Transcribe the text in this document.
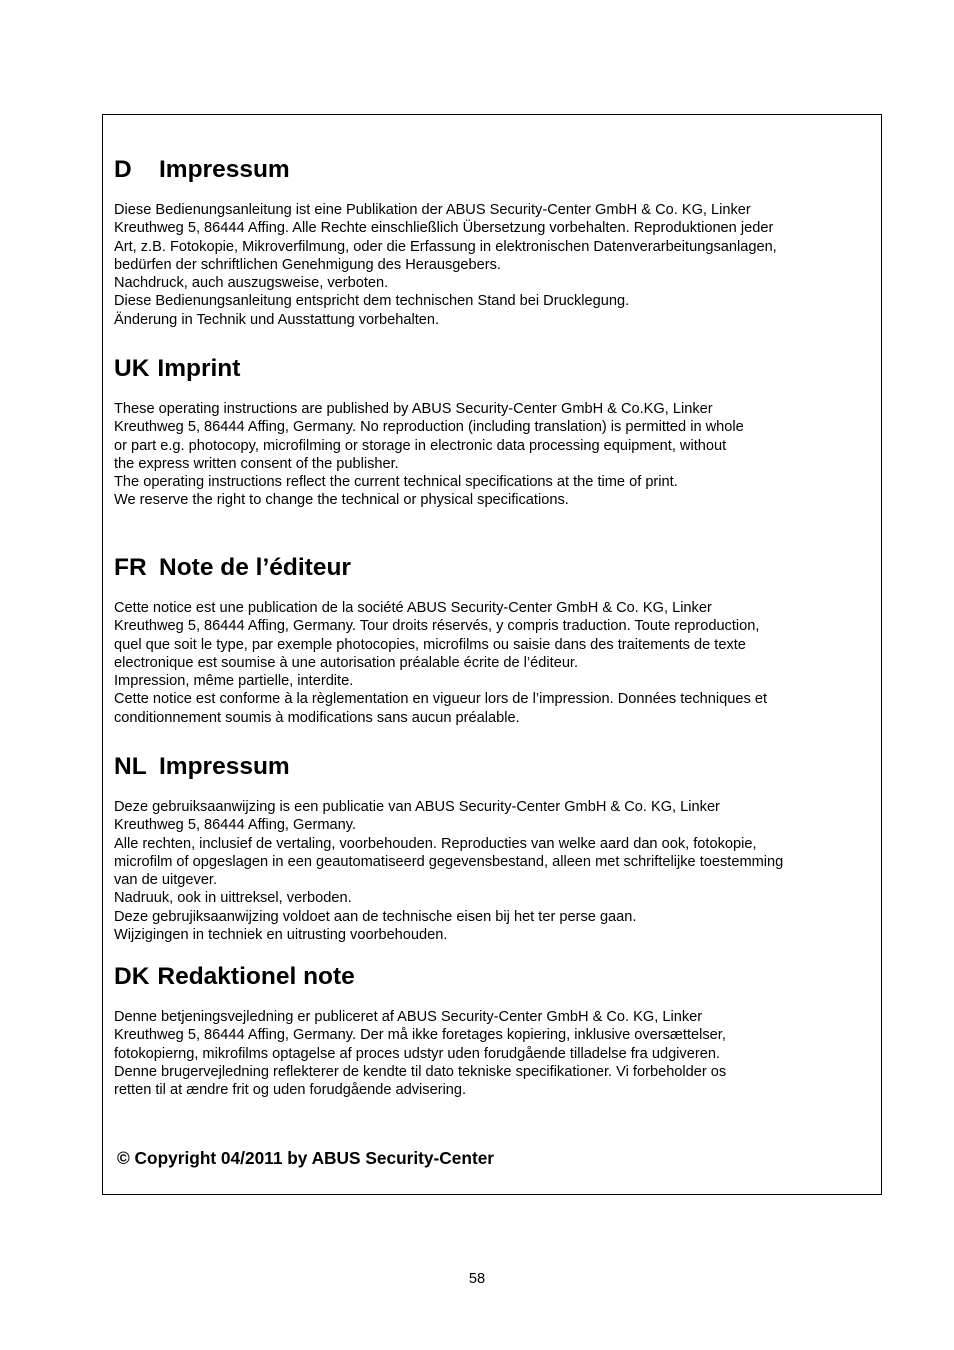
D	Impressum
Diese Bedienungsanleitung ist eine Publikation der ABUS Security-Center GmbH & Co. KG, Linker
Kreuthweg 5, 86444 Affing. Alle Rechte einschließlich Übersetzung vorbehalten. Reproduktionen jeder
Art, z.B. Fotokopie, Mikroverfilmung, oder die Erfassung in elektronischen Datenverarbeitungsanlagen,
bedürfen der schriftlichen Genehmigung des Herausgebers.
Nachdruck, auch auszugsweise, verboten.
Diese Bedienungsanleitung entspricht dem technischen Stand bei Drucklegung.
Änderung in Technik und Ausstattung vorbehalten.
UK Imprint
These operating instructions are published by ABUS Security-Center GmbH & Co.KG, Linker
Kreuthweg 5, 86444 Affing, Germany. No reproduction (including translation) is permitted in whole
or part e.g. photocopy, microfilming or storage in electronic data processing equipment, without
the express written consent of the publisher.
The operating instructions reflect the current technical specifications at the time of print.
We reserve the right to change the technical or physical specifications.
FR Note de l’éditeur
Cette notice est une publication de la société ABUS Security-Center GmbH & Co. KG, Linker
Kreuthweg 5, 86444 Affing, Germany. Tour droits réservés, y compris traduction. Toute reproduction,
quel que soit le type, par exemple photocopies, microfilms ou saisie dans des traitements de texte
electronique est soumise à une autorisation préalable écrite de l’éditeur.
Impression, même partielle, interdite.
Cette notice est conforme à la règlementation en vigueur lors de l’impression. Données techniques et
conditionnement soumis à modifications sans aucun préalable.
NL Impressum
Deze gebruiksaanwijzing is een publicatie van ABUS Security-Center GmbH & Co. KG, Linker
Kreuthweg 5, 86444 Affing, Germany.
Alle rechten, inclusief de vertaling, voorbehouden. Reproducties van welke aard dan ook, fotokopie,
microfilm of opgeslagen in een geautomatiseerd gegevensbestand, alleen met schriftelijke toestemming
van de uitgever.
Nadruuk, ook in uittreksel, verboden.
Deze gebrujiksaanwijzing voldoet aan de technische eisen bij het ter perse gaan.
Wijzigingen in techniek en uitrusting voorbehouden.
DK Redaktionel note
Denne betjeningsvejledning er publiceret af ABUS Security-Center GmbH & Co. KG, Linker
Kreuthweg 5, 86444 Affing, Germany. Der må ikke foretages kopiering, inklusive oversættelser,
fotokopierng, mikrofilms optagelse af proces udstyr uden forudgående tilladelse fra udgiveren.
Denne brugervejledning reflekterer de kendte til dato tekniske specifikationer. Vi forbeholder os
retten til at ændre frit og uden forudgående advisering.
© Copyright 04/2011 by ABUS Security-Center
58
